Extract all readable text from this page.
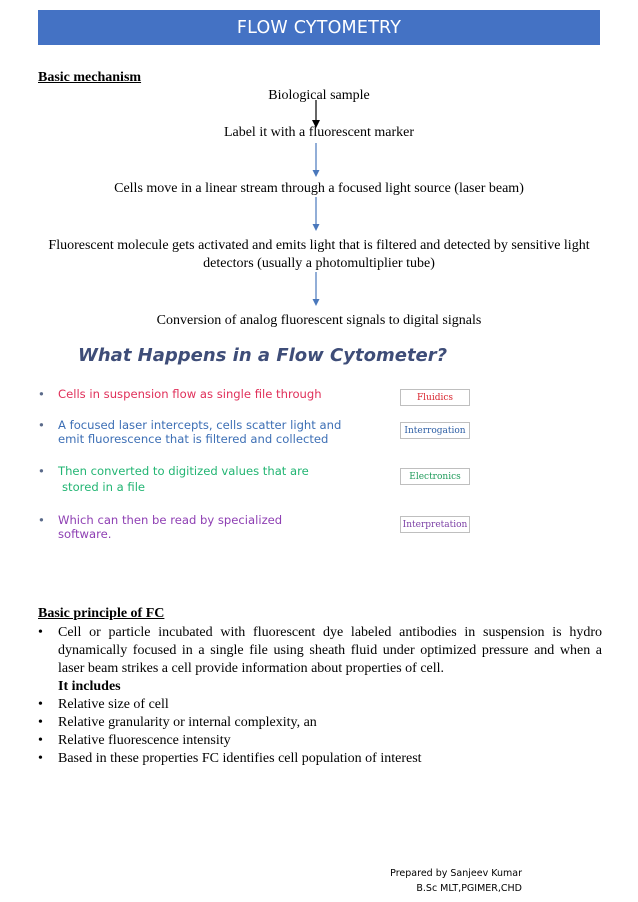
FLOW CYTOMETRY
Basic mechanism
Biological sample
Label it with a fluorescent marker
Cells move in a linear stream through a focused light source (laser beam)
Fluorescent molecule gets activated and emits light that is filtered and detected by sensitive light detectors (usually a photomultiplier tube)
Conversion of analog fluorescent signals to digital signals
What Happens in a Flow Cytometer?
• Cells in suspension flow as single file through	Fluidics
• A focused laser intercepts, cells scatter light and
emit fluorescence that is filtered and collected
Interrogation
• Then converted to digitized values that are
stored in a file
Electronics
• Which can then be read by specialized
software.
Interpretation
Basic principle of FC
• Cell or particle incubated with fluorescent dye labeled antibodies in suspension is hydro dynamically focused in a single file using sheath fluid under optimized pressure and when a laser beam strikes a cell provide information about properties of cell.
It includes
• Relative size of cell
• Relative granularity or internal complexity, an
• Relative fluorescence intensity
• Based in these properties FC identifies cell population of interest
Prepared by Sanjeev Kumar
B.Sc MLT,PGIMER,CHD
